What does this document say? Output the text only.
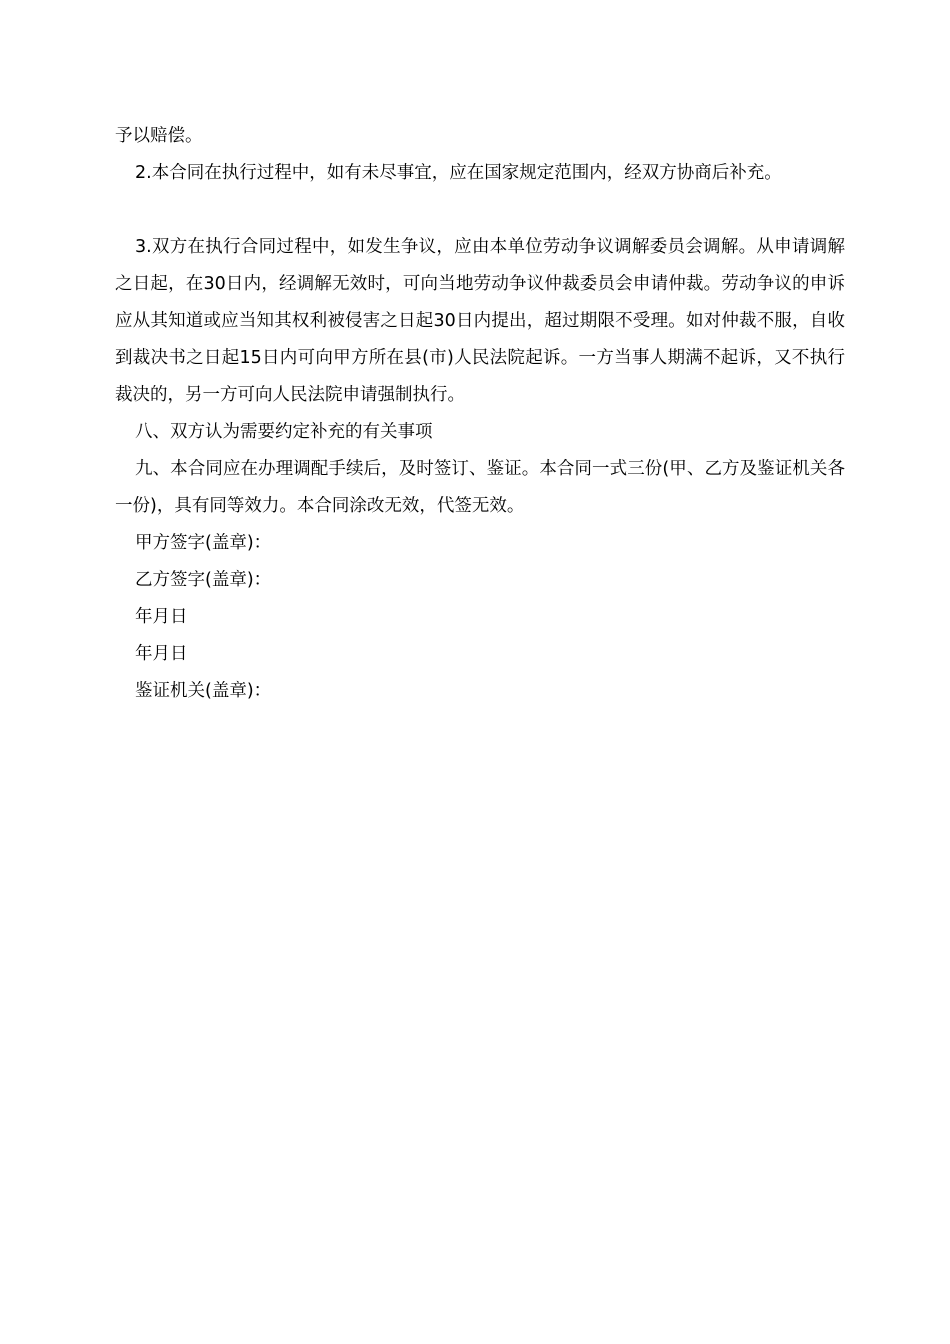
予以赔偿。

2.本合同在执行过程中，如有未尽事宜，应在国家规定范围内，经双方协商后补充。

3.双方在执行合同过程中，如发生争议，应由本单位劳动争议调解委员会调解。从申请调解之日起，在30日内，经调解无效时，可向当地劳动争议仲裁委员会申请仲裁。劳动争议的申诉应从其知道或应当知其权利被侵害之日起30日内提出，超过期限不受理。如对仲裁不服，自收到裁决书之日起15日内可向甲方所在县(市)人民法院起诉。一方当事人期满不起诉，又不执行裁决的，另一方可向人民法院申请强制执行。

八、双方认为需要约定补充的有关事项

九、本合同应在办理调配手续后，及时签订、鉴证。本合同一式三份(甲、乙方及鉴证机关各一份)，具有同等效力。本合同涂改无效，代签无效。

甲方签字(盖章)：

乙方签字(盖章)：

年月日

年月日

鉴证机关(盖章)：
